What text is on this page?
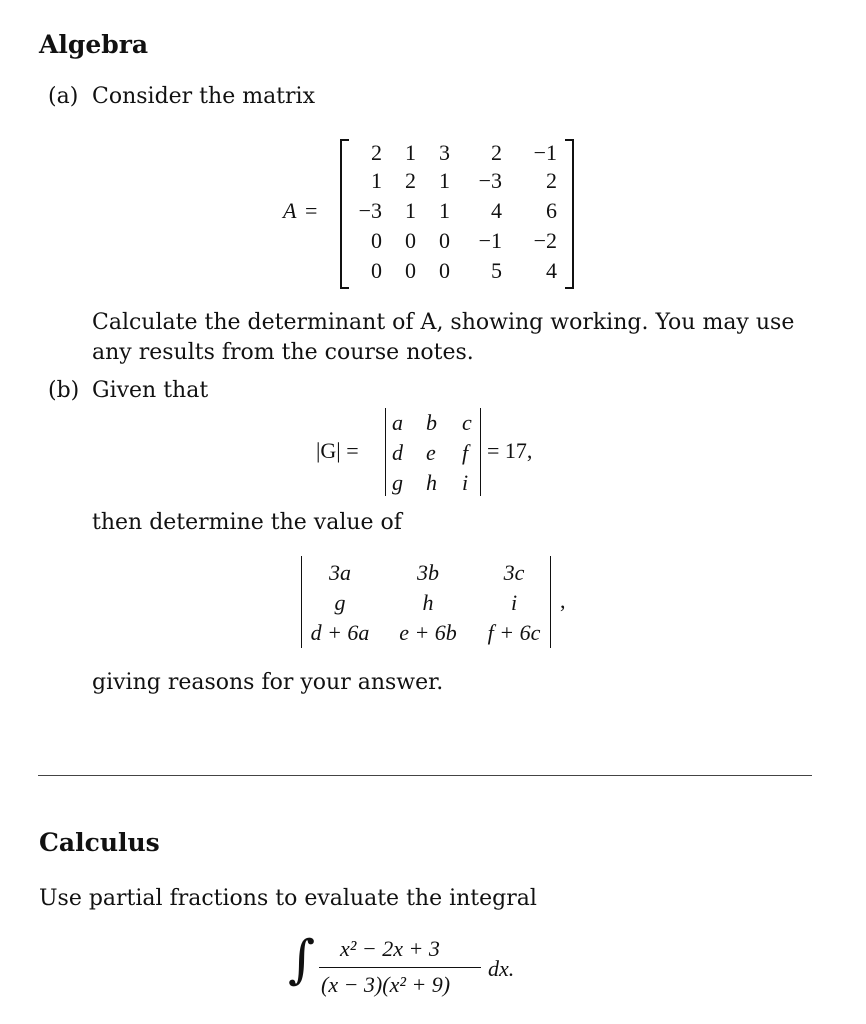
Algebra
(a) Consider the matrix
A =
2	1	3	2	−1
1	2	1	−3	2
−3	1	1	4	6
0	0	0	−1	−2
0	0	0	5	4
Calculate the determinant of A, showing working. You may use
any results from the course notes.
(b) Given that
|G| =
a b c
d e f
g h i
= 17,
then determine the value of
3a	3b	3c
g	h	i
d + 6a	e + 6b	f + 6c
,
giving reasons for your answer.
Calculus
Use partial fractions to evaluate the integral
∫ x² − 2x + 3
(x − 3)(x² + 9)
dx.
